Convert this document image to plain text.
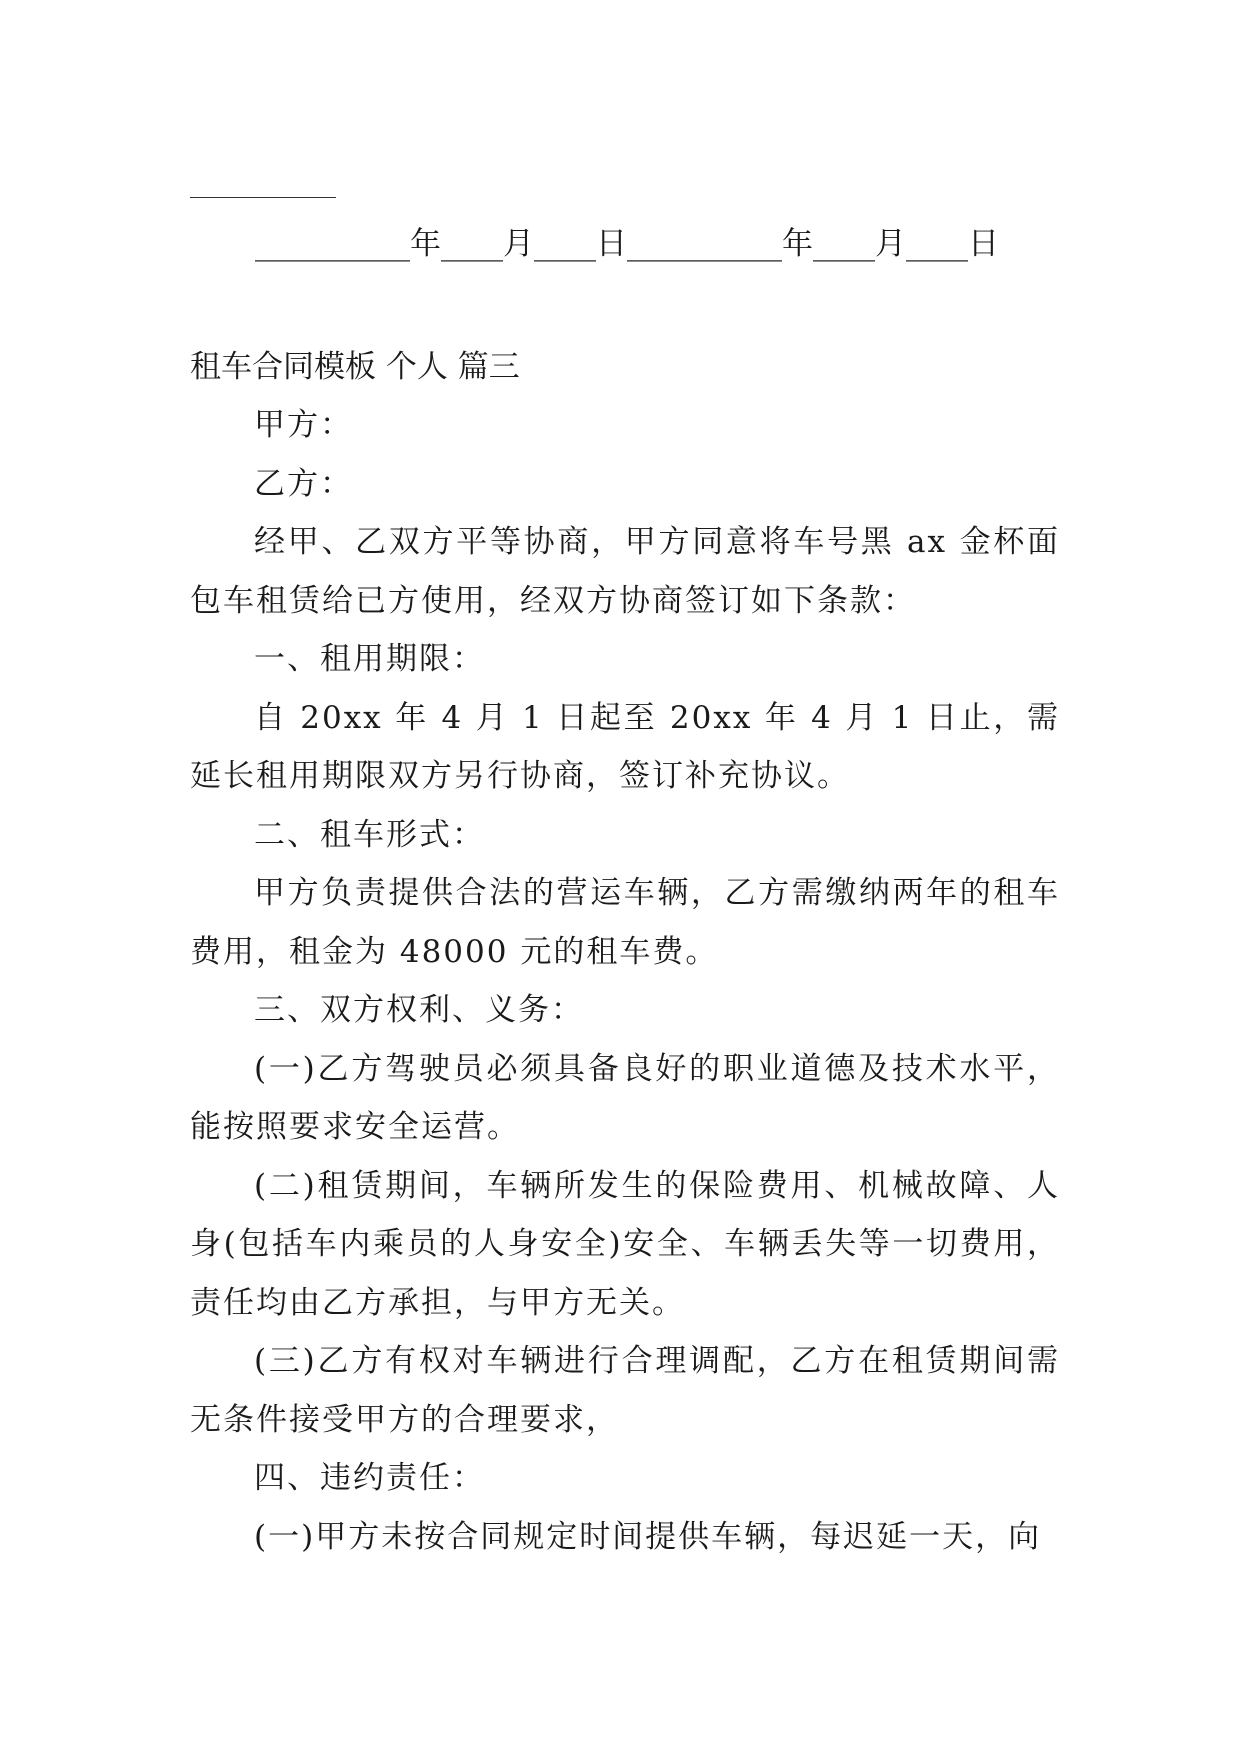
__________年____月____日__________年____月____日

租车合同模板 个人 篇三

甲方：

乙方：

经甲、乙双方平等协商，甲方同意将车号黑 ax 金杯面包车租赁给已方使用，经双方协商签订如下条款：

一、租用期限：

自 20xx 年 4 月 1 日起至 20xx 年 4 月 1 日止，需延长租用期限双方另行协商，签订补充协议。

二、租车形式：

甲方负责提供合法的营运车辆，乙方需缴纳两年的租车费用，租金为 48000 元的租车费。

三、双方权利、义务：

(一)乙方驾驶员必须具备良好的职业道德及技术水平，能按照要求安全运营。

(二)租赁期间，车辆所发生的保险费用、机械故障、人身(包括车内乘员的人身安全)安全、车辆丢失等一切费用，责任均由乙方承担，与甲方无关。

(三)乙方有权对车辆进行合理调配，乙方在租赁期间需无条件接受甲方的合理要求，

四、违约责任：

(一)甲方未按合同规定时间提供车辆，每迟延一天，向
